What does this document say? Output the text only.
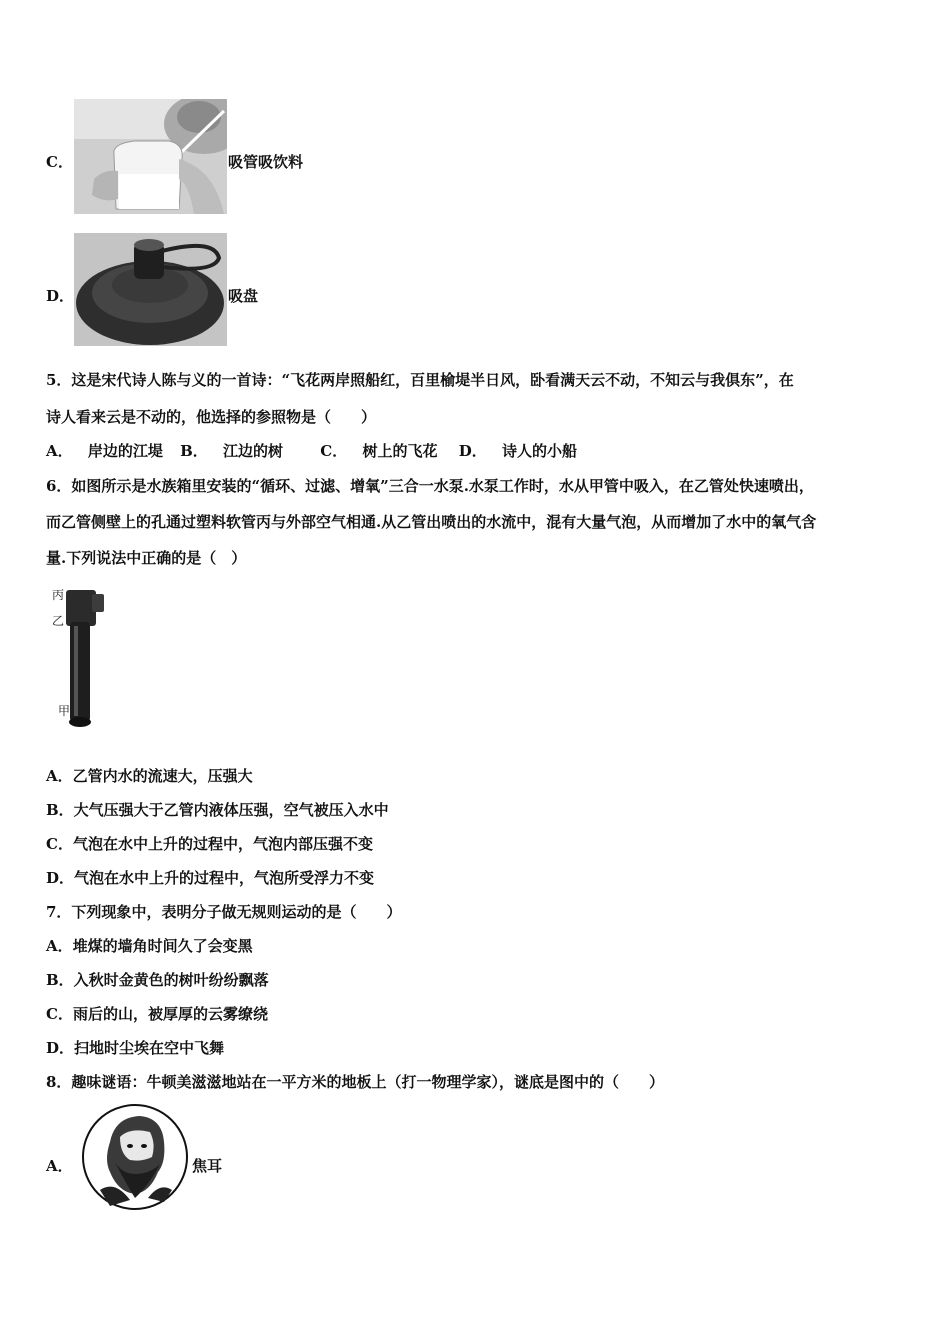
C．	吸管吸饮料
D．	吸盘
5．这是宋代诗人陈与义的一首诗：“飞花两岸照船红，百里榆堤半日风，卧看满天云不动，不知云与我俱东”，在
诗人看来云是不动的，他选择的参照物是（　　）
A． 岸边的江堤 B． 江边的树 C． 树上的飞花 D． 诗人的小船
6．如图所示是水族箱里安装的“循环、过滤、增氧”三合一水泵.水泵工作时，水从甲管中吸入，在乙管处快速喷出，
而乙管侧壁上的孔通过塑料软管丙与外部空气相通.从乙管出喷出的水流中，混有大量气泡，从而增加了水中的氧气含
量.下列说法中正确的是（　）
丙
乙
甲
A．乙管内水的流速大，压强大
B．大气压强大于乙管内液体压强，空气被压入水中
C．气泡在水中上升的过程中，气泡内部压强不变
D．气泡在水中上升的过程中，气泡所受浮力不变
7．下列现象中，表明分子做无规则运动的是（　　）
A．堆煤的墙角时间久了会变黑
B．入秋时金黄色的树叶纷纷飘落
C．雨后的山，被厚厚的云雾缭绕
D．扫地时尘埃在空中飞舞
8．趣味谜语：牛顿美滋滋地站在一平方米的地板上（打一物理学家），谜底是图中的（　　）
A．	焦耳
